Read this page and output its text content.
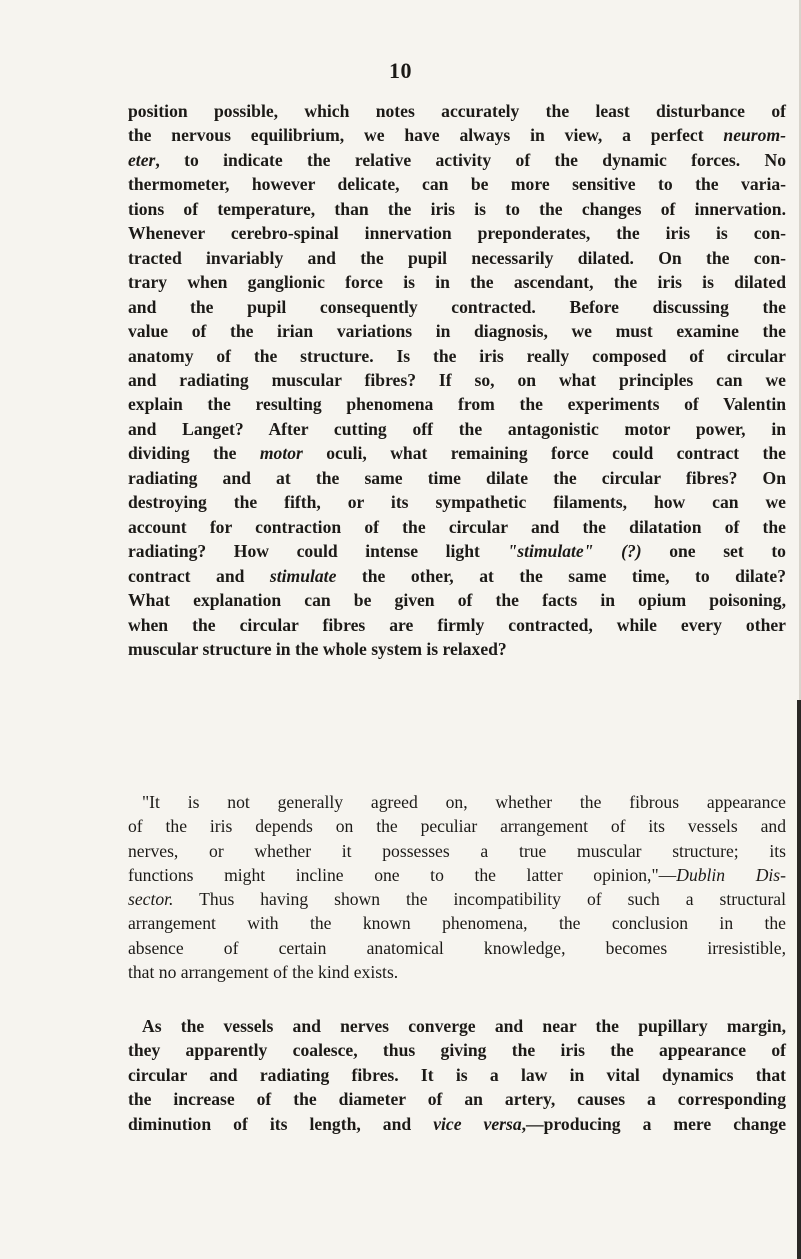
10
position possible, which notes accurately the least disturbance of
the nervous equilibrium, we have always in view, a perfect neurom-
eter, to indicate the relative activity of the dynamic forces. No
thermometer, however delicate, can be more sensitive to the varia-
tions of temperature, than the iris is to the changes of innervation.
Whenever cerebro-spinal innervation preponderates, the iris is con-
tracted invariably and the pupil necessarily dilated. On the con-
trary when ganglionic force is in the ascendant, the iris is dilated
and the pupil consequently contracted. Before discussing the
value of the irian variations in diagnosis, we must examine the
anatomy of the structure. Is the iris really composed of circular
and radiating muscular fibres? If so, on what principles can we
explain the resulting phenomena from the experiments of Valentin
and Langet? After cutting off the antagonistic motor power, in
dividing the motor oculi, what remaining force could contract the
radiating and at the same time dilate the circular fibres? On
destroying the fifth, or its sympathetic filaments, how can we
account for contraction of the circular and the dilatation of the
radiating? How could intense light "stimulate" (?) one set to
contract and stimulate the other, at the same time, to dilate?
What explanation can be given of the facts in opium poisoning,
when the circular fibres are firmly contracted, while every other
muscular structure in the whole system is relaxed?
"It is not generally agreed on, whether the fibrous appearance
of the iris depends on the peculiar arrangement of its vessels and
nerves, or whether it possesses a true muscular structure; its
functions might incline one to the latter opinion,"—Dublin Dis-
sector. Thus having shown the incompatibility of such a structural
arrangement with the known phenomena, the conclusion in the
absence of certain anatomical knowledge, becomes irresistible,
that no arrangement of the kind exists.
As the vessels and nerves converge and near the pupillary margin,
they apparently coalesce, thus giving the iris the appearance of
circular and radiating fibres. It is a law in vital dynamics that
the increase of the diameter of an artery, causes a corresponding
diminution of its length, and vice versa,—producing a mere change
